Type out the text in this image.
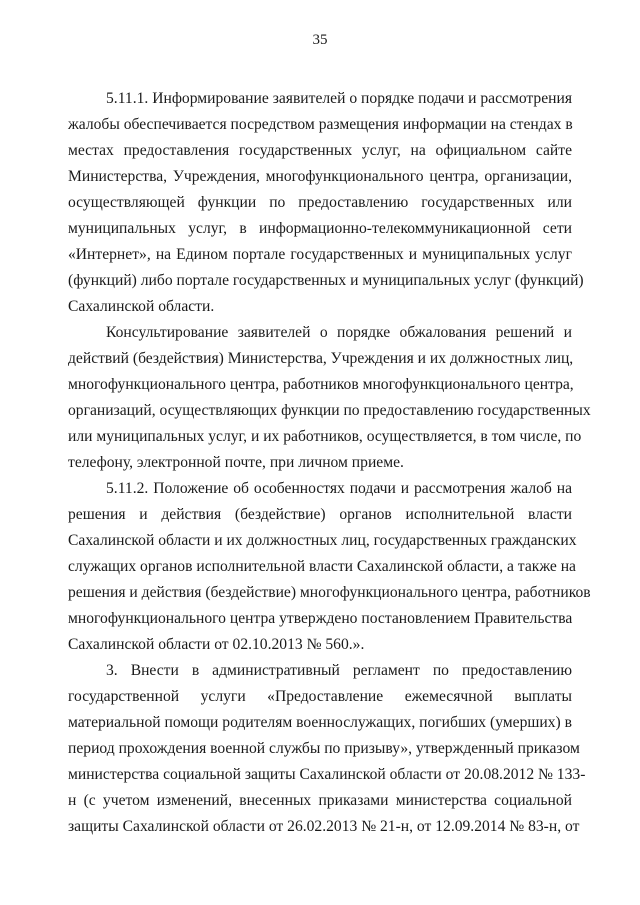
35
5.11.1. Информирование заявителей о порядке подачи и рассмотрения
жалобы обеспечивается посредством размещения информации на стендах в
местах предоставления государственных услуг, на официальном сайте
Министерства, Учреждения, многофункционального центра, организации,
осуществляющей функции по предоставлению государственных или
муниципальных услуг, в информационно-телекоммуникационной сети
«Интернет», на Едином портале государственных и муниципальных услуг
(функций) либо портале государственных и муниципальных услуг (функций)
Сахалинской области.
Консультирование заявителей о порядке обжалования решений и
действий (бездействия) Министерства, Учреждения и их должностных лиц,
многофункционального центра, работников многофункционального центра,
организаций, осуществляющих функции по предоставлению государственных
или муниципальных услуг, и их работников, осуществляется, в том числе, по
телефону, электронной почте, при личном приеме.
5.11.2. Положение об особенностях подачи и рассмотрения жалоб на
решения и действия (бездействие) органов исполнительной власти
Сахалинской области и их должностных лиц, государственных гражданских
служащих органов исполнительной власти Сахалинской области, а также на
решения и действия (бездействие) многофункционального центра, работников
многофункционального центра утверждено постановлением Правительства
Сахалинской области от 02.10.2013 № 560.».
3. Внести в административный регламент по предоставлению
государственной услуги «Предоставление ежемесячной выплаты
материальной помощи родителям военнослужащих, погибших (умерших) в
период прохождения военной службы по призыву», утвержденный приказом
министерства социальной защиты Сахалинской области от 20.08.2012 № 133-
н (с учетом изменений, внесенных приказами министерства социальной
защиты Сахалинской области от 26.02.2013 № 21-н, от 12.09.2014 № 83-н, от
